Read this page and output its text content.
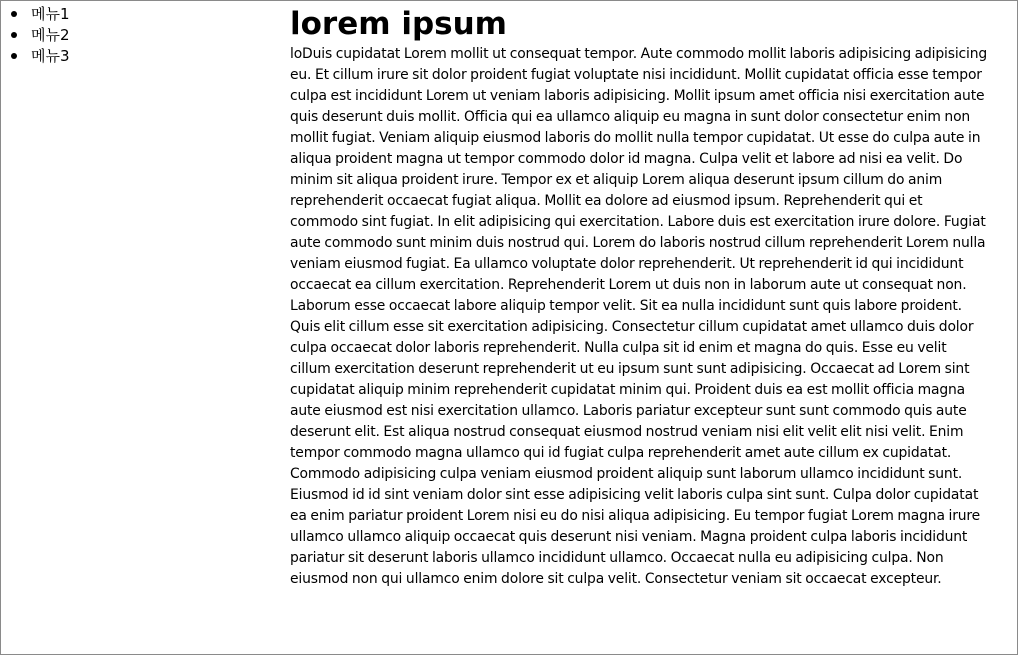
메뉴1
메뉴2
메뉴3
lorem ipsum

loDuis cupidatat Lorem mollit ut consequat tempor. Aute commodo mollit laboris adipisicing adipisicing eu. Et cillum irure sit dolor proident fugiat voluptate nisi incididunt. Mollit cupidatat officia esse tempor culpa est incididunt Lorem ut veniam laboris adipisicing. Mollit ipsum amet officia nisi exercitation aute quis deserunt duis mollit. Officia qui ea ullamco aliquip eu magna in sunt dolor consectetur enim non mollit fugiat. Veniam aliquip eiusmod laboris do mollit nulla tempor cupidatat. Ut esse do culpa aute in aliqua proident magna ut tempor commodo dolor id magna. Culpa velit et labore ad nisi ea velit. Do minim sit aliqua proident irure. Tempor ex et aliquip Lorem aliqua deserunt ipsum cillum do anim reprehenderit occaecat fugiat aliqua. Mollit ea dolore ad eiusmod ipsum. Reprehenderit qui et commodo sint fugiat. In elit adipisicing qui exercitation. Labore duis est exercitation irure dolore. Fugiat aute commodo sunt minim duis nostrud qui. Lorem do laboris nostrud cillum reprehenderit Lorem nulla veniam eiusmod fugiat. Ea ullamco voluptate dolor reprehenderit. Ut reprehenderit id qui incididunt occaecat ea cillum exercitation. Reprehenderit Lorem ut duis non in laborum aute ut consequat non. Laborum esse occaecat labore aliquip tempor velit. Sit ea nulla incididunt sunt quis labore proident. Quis elit cillum esse sit exercitation adipisicing. Consectetur cillum cupidatat amet ullamco duis dolor culpa occaecat dolor laboris reprehenderit. Nulla culpa sit id enim et magna do quis. Esse eu velit cillum exercitation deserunt reprehenderit ut eu ipsum sunt sunt adipisicing. Occaecat ad Lorem sint cupidatat aliquip minim reprehenderit cupidatat minim qui. Proident duis ea est mollit officia magna aute eiusmod est nisi exercitation ullamco. Laboris pariatur excepteur sunt sunt commodo quis aute deserunt elit. Est aliqua nostrud consequat eiusmod nostrud veniam nisi elit velit elit nisi velit. Enim tempor commodo magna ullamco qui id fugiat culpa reprehenderit amet aute cillum ex cupidatat. Commodo adipisicing culpa veniam eiusmod proident aliquip sunt laborum ullamco incididunt sunt. Eiusmod id id sint veniam dolor sint esse adipisicing velit laboris culpa sint sunt. Culpa dolor cupidatat ea enim pariatur proident Lorem nisi eu do nisi aliqua adipisicing. Eu tempor fugiat Lorem magna irure ullamco ullamco aliquip occaecat quis deserunt nisi veniam. Magna proident culpa laboris incididunt pariatur sit deserunt laboris ullamco incididunt ullamco. Occaecat nulla eu adipisicing culpa. Non eiusmod non qui ullamco enim dolore sit culpa velit. Consectetur veniam sit occaecat excepteur.
